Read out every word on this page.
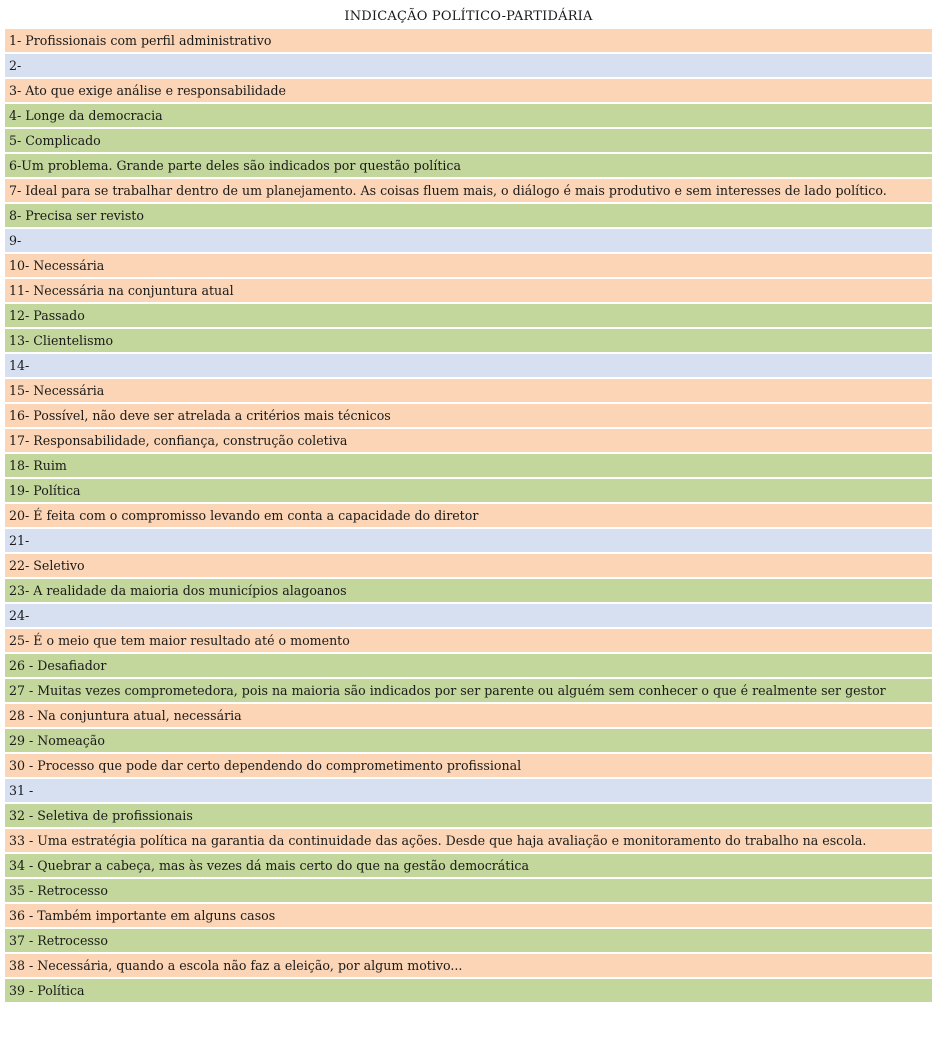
INDICAÇÃO POLÍTICO-PARTIDÁRIA
1- Profissionais com perfil administrativo
2-
3- Ato que exige análise e responsabilidade
4- Longe da democracia
5- Complicado
6-Um problema. Grande parte deles são indicados por questão política
7- Ideal para se trabalhar dentro de um planejamento. As coisas fluem mais, o diálogo é mais produtivo e sem interesses de lado político.
8- Precisa ser revisto
9-
10- Necessária
11- Necessária na conjuntura atual
12- Passado
13- Clientelismo
14-
15- Necessária
16- Possível, não deve ser atrelada a critérios mais técnicos
17- Responsabilidade, confiança, construção coletiva
18- Ruim
19- Política
20- É feita com o compromisso levando em conta a capacidade do diretor
21-
22- Seletivo
23- A realidade da maioria dos municípios alagoanos
24-
25- É o meio que tem maior resultado até o momento
26 - Desafiador
27 - Muitas vezes comprometedora, pois na maioria são indicados por ser parente ou alguém sem conhecer o que é realmente ser gestor
28 - Na conjuntura atual, necessária
29 - Nomeação
30 - Processo que pode dar certo dependendo do comprometimento profissional
31 -
32 - Seletiva de profissionais
33 - Uma estratégia política na garantia da continuidade das ações. Desde que haja avaliação e monitoramento do trabalho na escola.
34 - Quebrar a cabeça, mas às vezes dá mais certo do que na gestão democrática
35 - Retrocesso
36 - Também importante em alguns casos
37 - Retrocesso
38 - Necessária, quando a escola não faz a eleição, por algum motivo...
39 - Política
